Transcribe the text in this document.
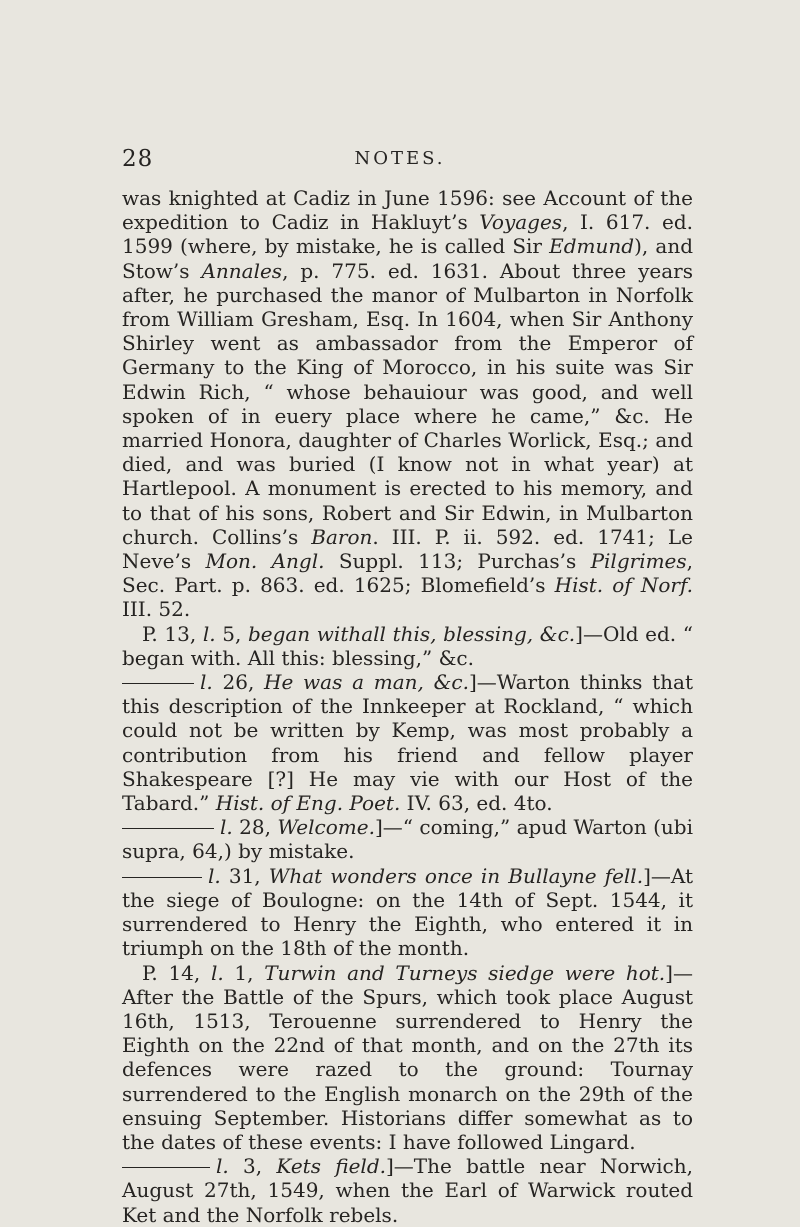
28	NOTES.

was knighted at Cadiz in June 1596: see Account of the expedition to Cadiz in Hakluyt’s Voyages, I. 617. ed. 1599 (where, by mistake, he is called Sir Edmund), and Stow’s Annales, p. 775. ed. 1631. About three years after, he purchased the manor of Mulbarton in Norfolk from William Gresham, Esq. In 1604, when Sir Anthony Shirley went as ambassador from the Emperor of Germany to the King of Morocco, in his suite was Sir Edwin Rich, “ whose behauiour was good, and well spoken of in euery place where he came,” &c. He married Honora, daughter of Charles Worlick, Esq.; and died, and was buried (I know not in what year) at Hartlepool. A monument is erected to his memory, and to that of his sons, Robert and Sir Edwin, in Mulbarton church. Collins’s Baron. III. P. ii. 592. ed. 1741; Le Neve’s Mon. Angl. Suppl. 113; Purchas’s Pilgrimes, Sec. Part. p. 863. ed. 1625; Blomefield’s Hist. of Norf. III. 52.

P. 13, l. 5, began withall this, blessing, &c.]—Old ed. “ began with. All this: blessing,” &c.

l. 26, He was a man, &c.]—Warton thinks that this description of the Innkeeper at Rockland, “ which could not be written by Kemp, was most probably a contribution from his friend and fellow player Shakespeare [?] He may vie with our Host of the Tabard.” Hist. of Eng. Poet. IV. 63, ed. 4to.

l. 28, Welcome.]—“ coming,” apud Warton (ubi supra, 64,) by mistake.

l. 31, What wonders once in Bullayne fell.]—At the siege of Boulogne: on the 14th of Sept. 1544, it surrendered to Henry the Eighth, who entered it in triumph on the 18th of the month.

P. 14, l. 1, Turwin and Turneys siedge were hot.]—After the Battle of the Spurs, which took place August 16th, 1513, Terouenne surrendered to Henry the Eighth on the 22nd of that month, and on the 27th its defences were razed to the ground: Tournay surrendered to the English monarch on the 29th of the ensuing September. Historians differ somewhat as to the dates of these events: I have followed Lingard.

l. 3, Kets field.]—The battle near Norwich, August 27th, 1549, when the Earl of Warwick routed Ket and the Norfolk rebels.
